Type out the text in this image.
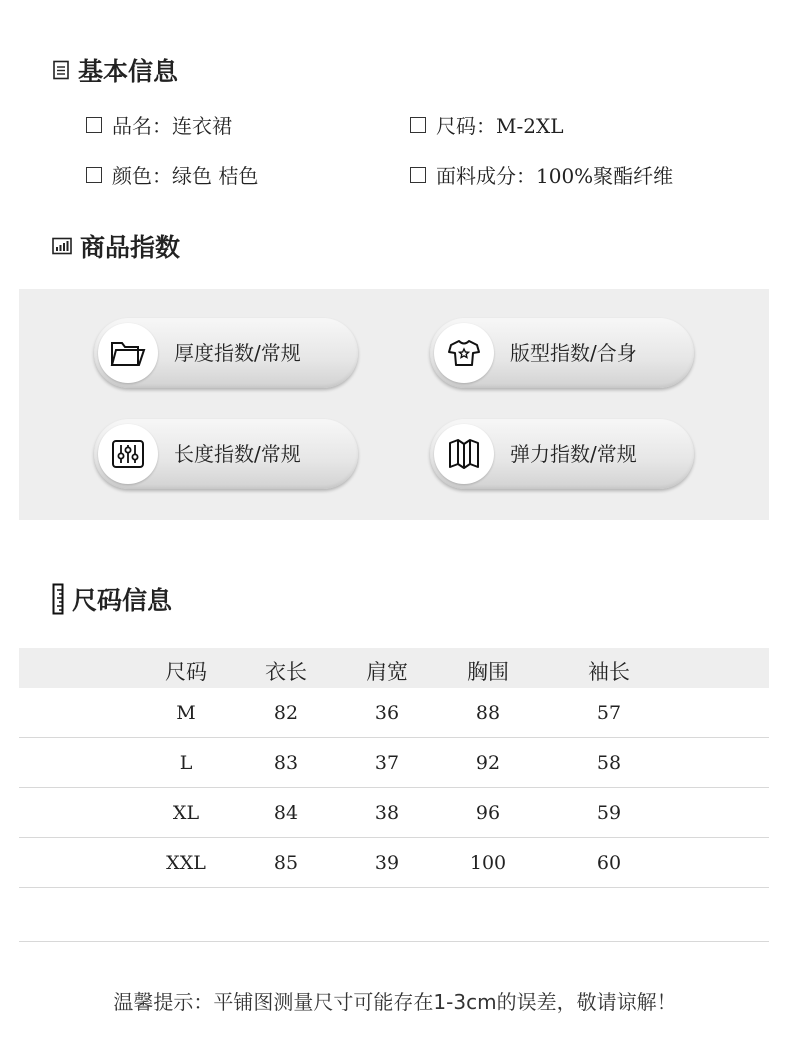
基本信息
品名：连衣裙	尺码：M-2XL
颜色：绿色 桔色	面料成分：100%聚酯纤维
商品指数
厚度指数/常规	版型指数/合身
长度指数/常规	弹力指数/常规
尺码信息
尺码	衣长	肩宽	胸围	袖长
M	82	36	88	57
L	83	37	92	58
XL	84	38	96	59
XXL	85	39	100	60
温馨提示：平铺图测量尺寸可能存在1-3cm的误差，敬请谅解！
